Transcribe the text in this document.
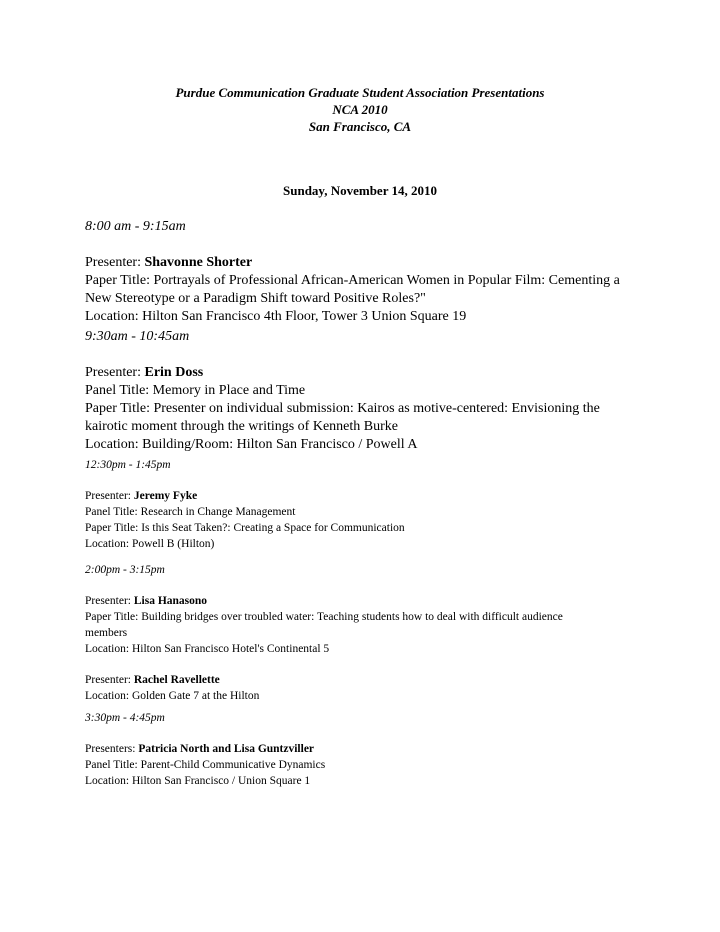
Purdue Communication Graduate Student Association Presentations
NCA 2010
San Francisco, CA
Sunday, November 14, 2010
8:00 am - 9:15am
Presenter: Shavonne Shorter
Paper Title: Portrayals of Professional African-American Women in Popular Film: Cementing a
New Stereotype or a Paradigm Shift toward Positive Roles?"
Location: Hilton San Francisco 4th Floor, Tower 3 Union Square 19
9:30am - 10:45am
Presenter: Erin Doss
Panel Title: Memory in Place and Time
Paper Title: Presenter on individual submission: Kairos as motive-centered: Envisioning the
kairotic moment through the writings of Kenneth Burke
Location: Building/Room: Hilton San Francisco / Powell A
12:30pm - 1:45pm
Presenter: Jeremy Fyke
Panel Title: Research in Change Management
Paper Title: Is this Seat Taken?: Creating a Space for Communication
Location: Powell B (Hilton)
2:00pm - 3:15pm
Presenter: Lisa Hanasono
Paper Title: Building bridges over troubled water: Teaching students how to deal with difficult audience
members
Location: Hilton San Francisco Hotel's Continental 5
Presenter: Rachel Ravellette
Location: Golden Gate 7 at the Hilton
3:30pm - 4:45pm
Presenters: Patricia North and Lisa Guntzviller
Panel Title: Parent-Child Communicative Dynamics
Location: Hilton San Francisco / Union Square 1
